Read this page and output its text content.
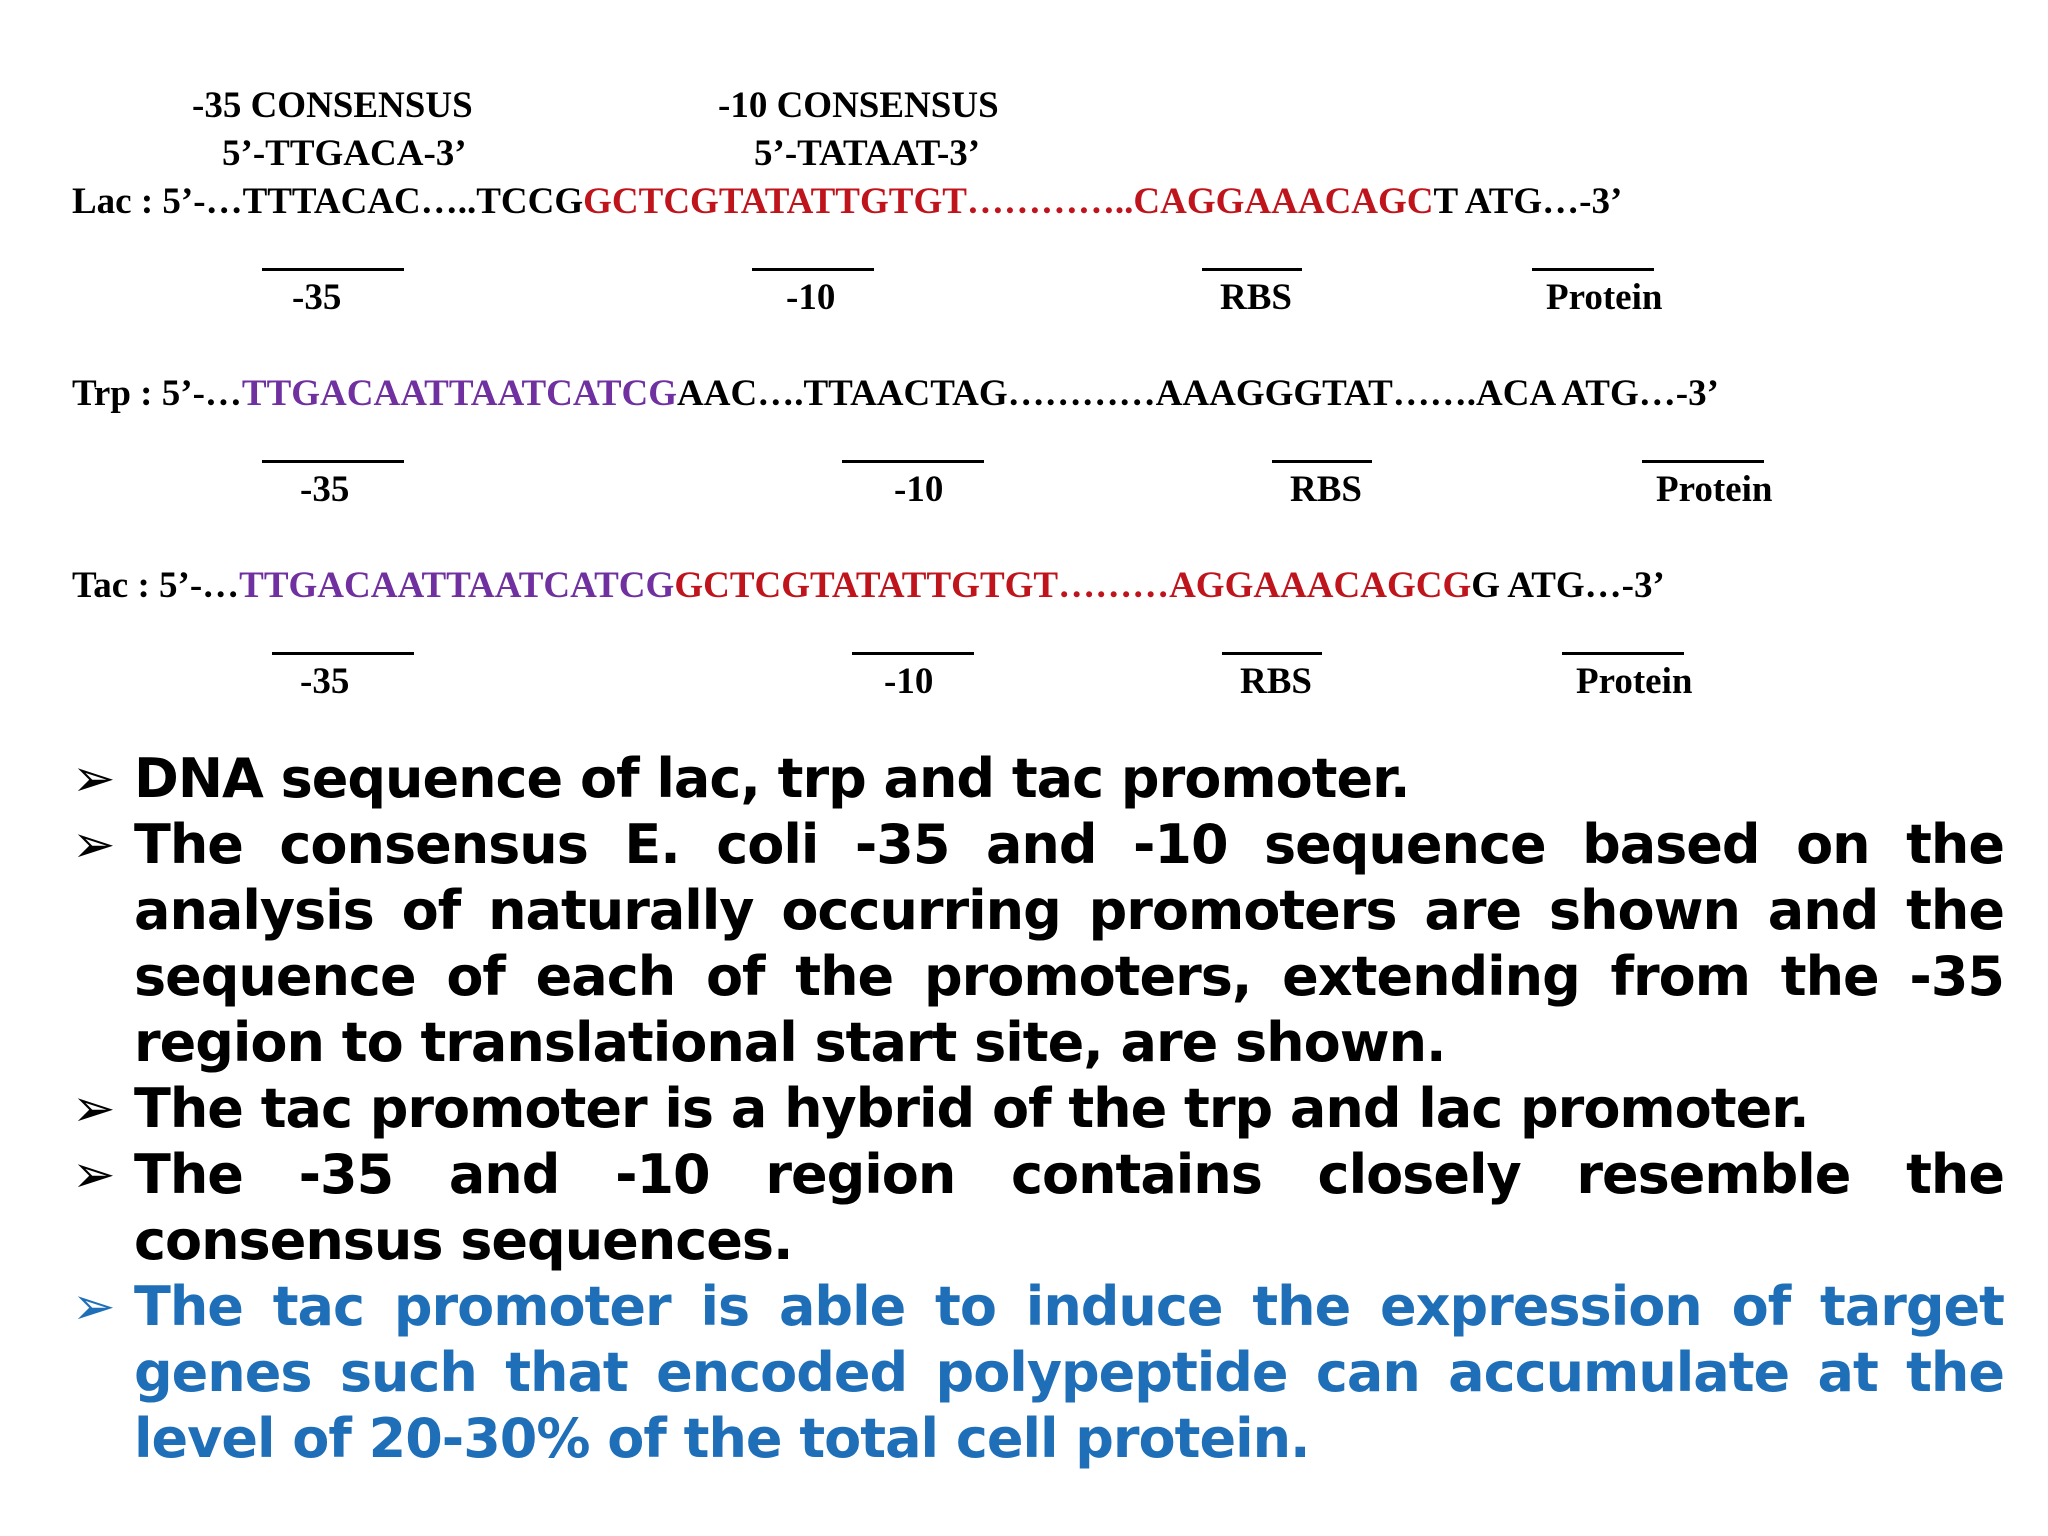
-35 CONSENSUS
5’-TTGACA-3’
-10 CONSENSUS
5’-TATAAT-3’
Lac : 5’-…TTTACAC…..TCCGGCTCGTATATTGTGT…………..CAGGAAACAGCT ATG…-3’
-35	-10	RBS	Protein
Trp : 5’-…TTGACAATTAATCATCGAAC….TTAACTAG…………AAAGGGTAT…….ACA ATG…-3’
-35	-10	RBS	Protein
Tac : 5’-…TTGACAATTAATCATCGGCTCGTATATTGTGT………AGGAAACAGCGG ATG…-3’
-35	-10	RBS	Protein
➢ DNA sequence of lac, trp and tac promoter.
➢ The consensus E. coli -35 and -10 sequence based on the analysis of naturally occurring promoters are shown and the sequence of each of the promoters, extending from the -35 region to translational start site, are shown.
➢ The tac promoter is a hybrid of the trp and lac promoter.
➢ The -35 and -10 region contains closely resemble the consensus sequences.
➢ The tac promoter is able to induce the expression of target genes such that encoded polypeptide can accumulate at the level of 20-30% of the total cell protein.
